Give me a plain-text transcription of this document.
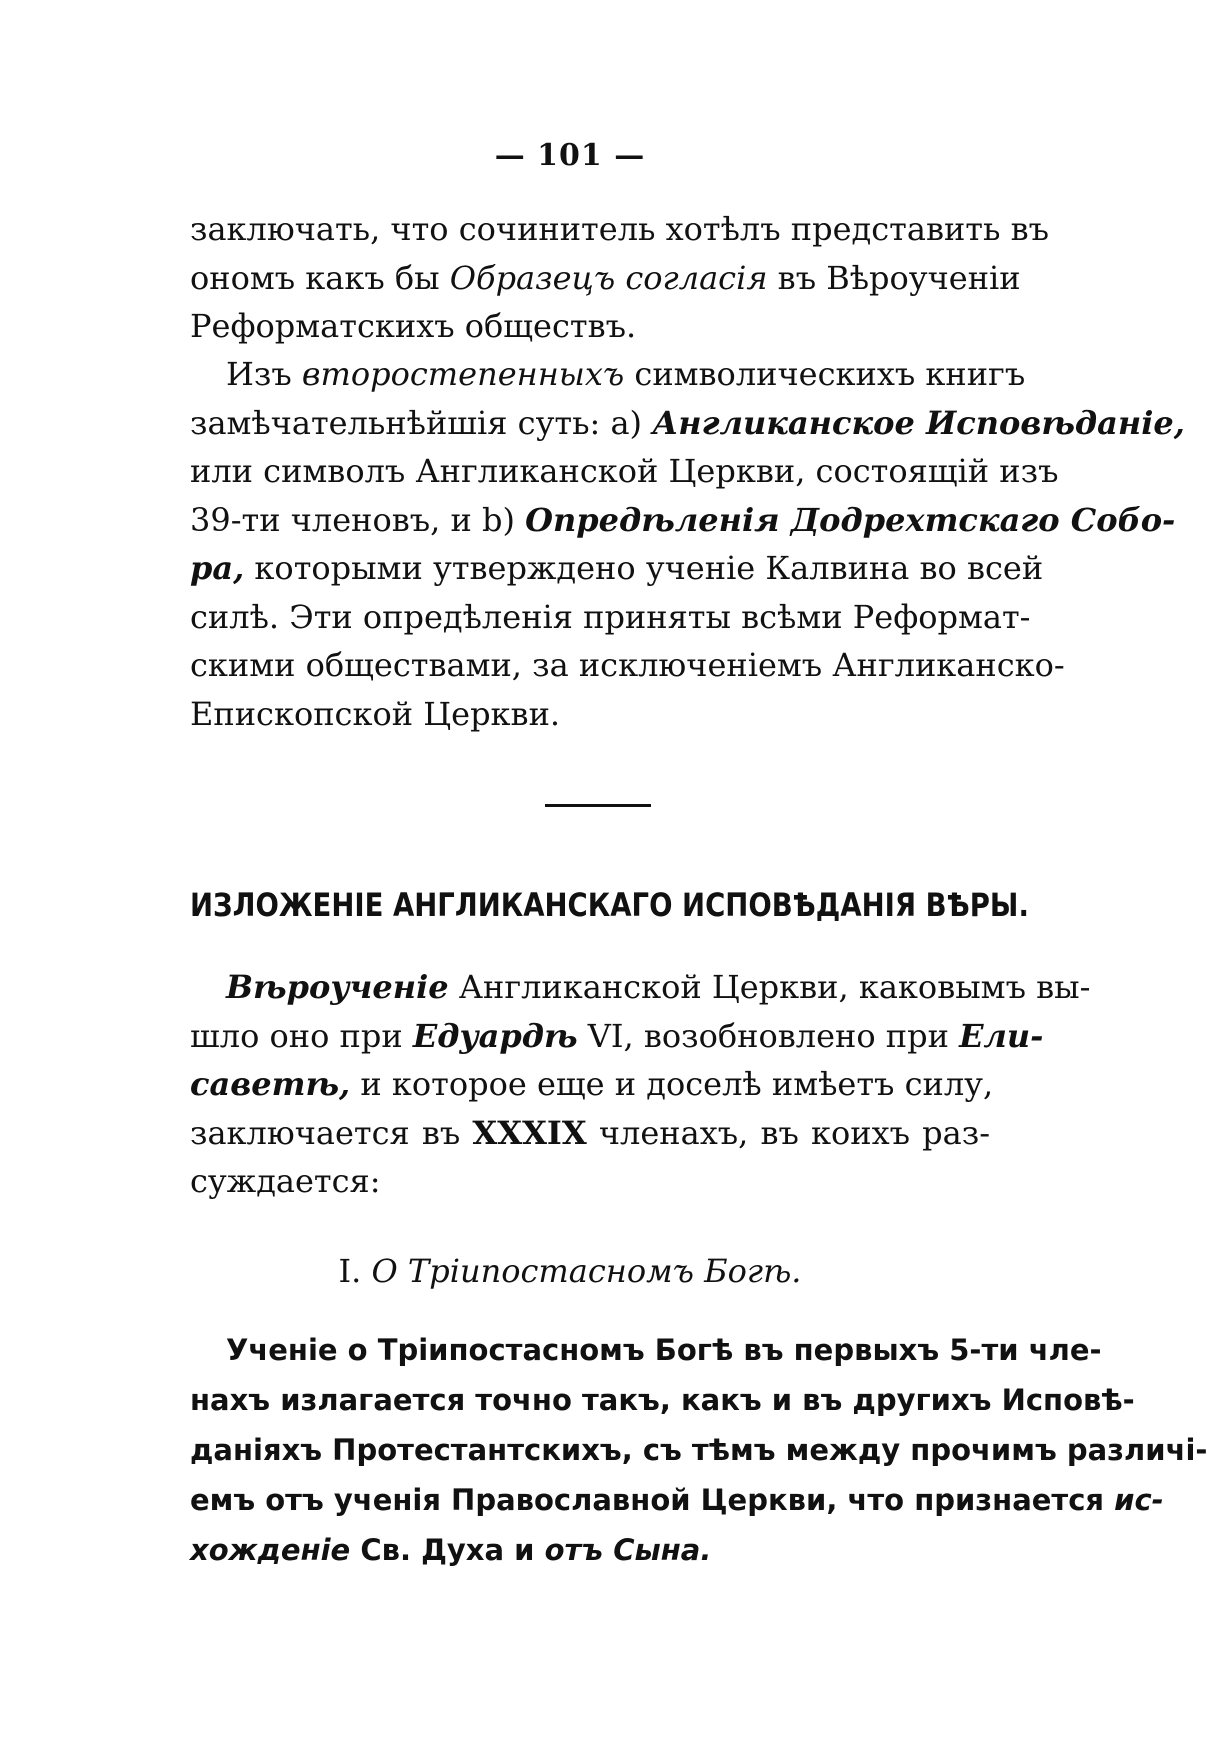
— 101 —
заключать, что сочинитель хотѣлъ представить въ
ономъ какъ бы Образецъ согласія въ Вѣроученіи
Реформатскихъ обществъ.
Изъ второстепенныхъ символическихъ книгъ
замѣчательнѣйшія суть: a) Англиканское Исповѣданіе,
или символъ Англиканской Церкви, состоящій изъ
39-ти членовъ, и b) Опредѣленія Додрехтскаго Собо-
ра, которыми утверждено ученіе Калвина во всей
силѣ. Эти опредѣленія приняты всѣми Реформат-
скими обществами, за исключеніемъ Англиканско-
Епископской Церкви.
ИЗЛОЖЕНІЕ АНГЛИКАНСКАГО ИСПОВѢДАНІЯ ВѢРЫ.
Вѣроученіе Англиканской Церкви, каковымъ вы-
шло оно при Едуардѣ VI, возобновлено при Ели-
саветѣ, и которое еще и доселѣ имѣетъ силу,
заключается въ XXXIX членахъ, въ коихъ раз-
суждается:
I. О Тріипостасномъ Богѣ.
Ученіе о Тріипостасномъ Богѣ въ первыхъ 5-ти чле-
нахъ излагается точно такъ, какъ и въ другихъ Исповѣ-
даніяхъ Протестантскихъ, съ тѣмъ между прочимъ различі-
емъ отъ ученія Православной Церкви, что признается ис-
хожденіе Св. Духа и отъ Сына.
